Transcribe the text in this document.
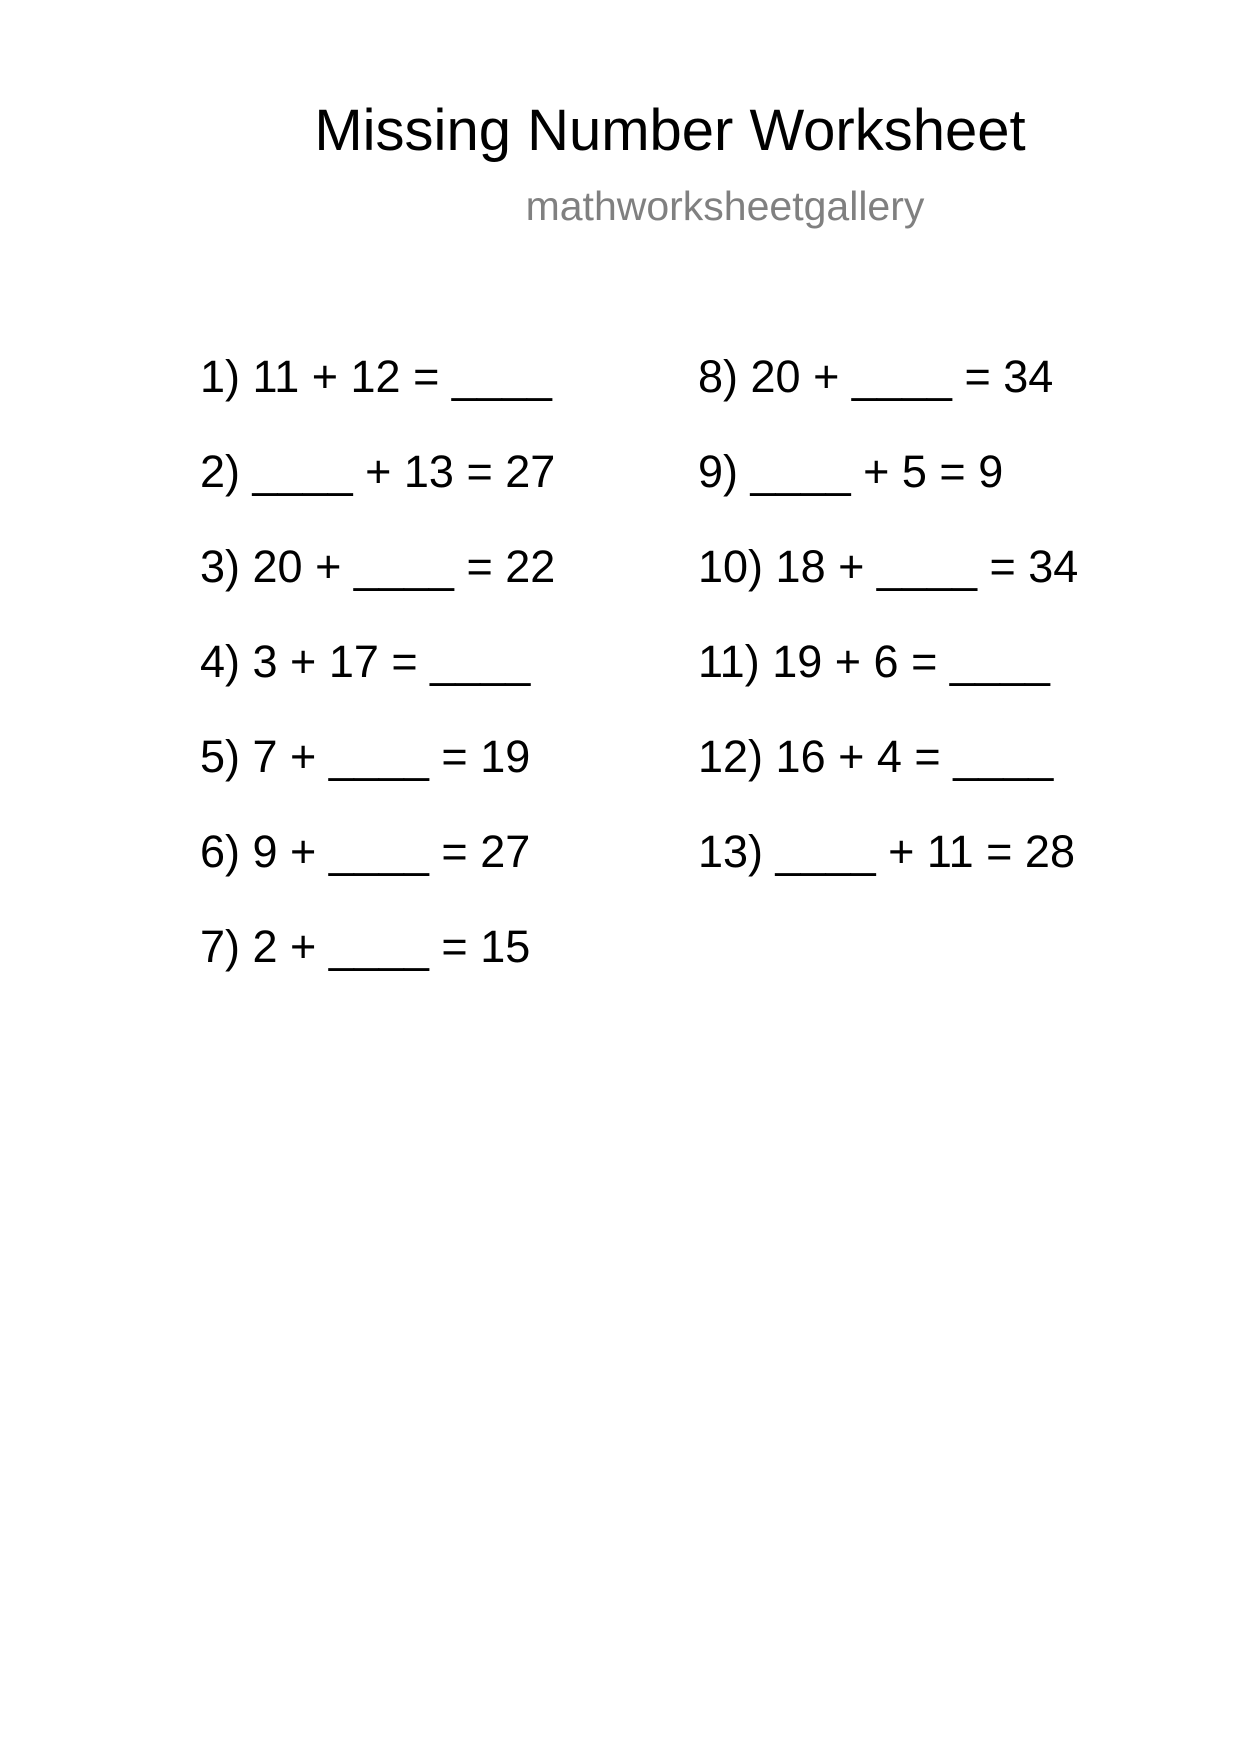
Missing Number Worksheet
mathworksheetgallery
1) 11 + 12 = ____
2) ____ + 13 = 27
3) 20 + ____ = 22
4) 3 + 17 = ____
5) 7 + ____ = 19
6) 9 + ____ = 27
7) 2 + ____ = 15
8) 20 + ____ = 34
9) ____ + 5 = 9
10) 18 + ____ = 34
11) 19 + 6 = ____
12) 16 + 4 = ____
13) ____ + 11 = 28
